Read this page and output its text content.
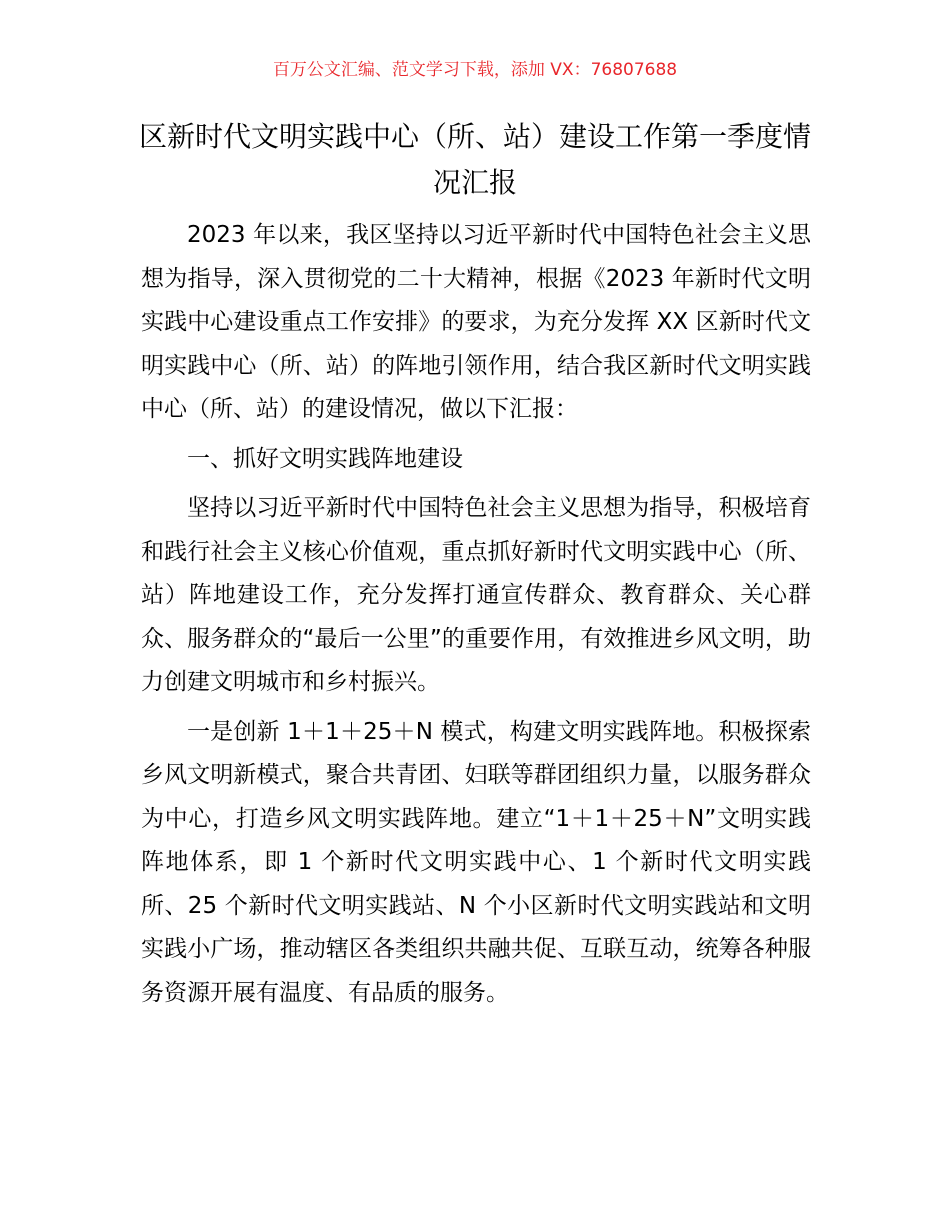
百万公文汇编、范文学习下载，添加 VX：76807688
区新时代文明实践中心（所、站）建设工作第一季度情况汇报

2023 年以来，我区坚持以习近平新时代中国特色社会主义思想为指导，深入贯彻党的二十大精神，根据《2023 年新时代文明实践中心建设重点工作安排》的要求，为充分发挥 XX 区新时代文明实践中心（所、站）的阵地引领作用，结合我区新时代文明实践中心（所、站）的建设情况，做以下汇报：

一、抓好文明实践阵地建设

坚持以习近平新时代中国特色社会主义思想为指导，积极培育和践行社会主义核心价值观，重点抓好新时代文明实践中心（所、站）阵地建设工作，充分发挥打通宣传群众、教育群众、关心群众、服务群众的“最后一公里”的重要作用，有效推进乡风文明，助力创建文明城市和乡村振兴。

一是创新 1＋1＋25＋N 模式，构建文明实践阵地。积极探索乡风文明新模式，聚合共青团、妇联等群团组织力量，以服务群众为中心，打造乡风文明实践阵地。建立“1＋1＋25＋N”文明实践阵地体系，即 1 个新时代文明实践中心、1 个新时代文明实践所、25 个新时代文明实践站、N 个小区新时代文明实践站和文明实践小广场，推动辖区各类组织共融共促、互联互动，统筹各种服务资源开展有温度、有品质的服务。
